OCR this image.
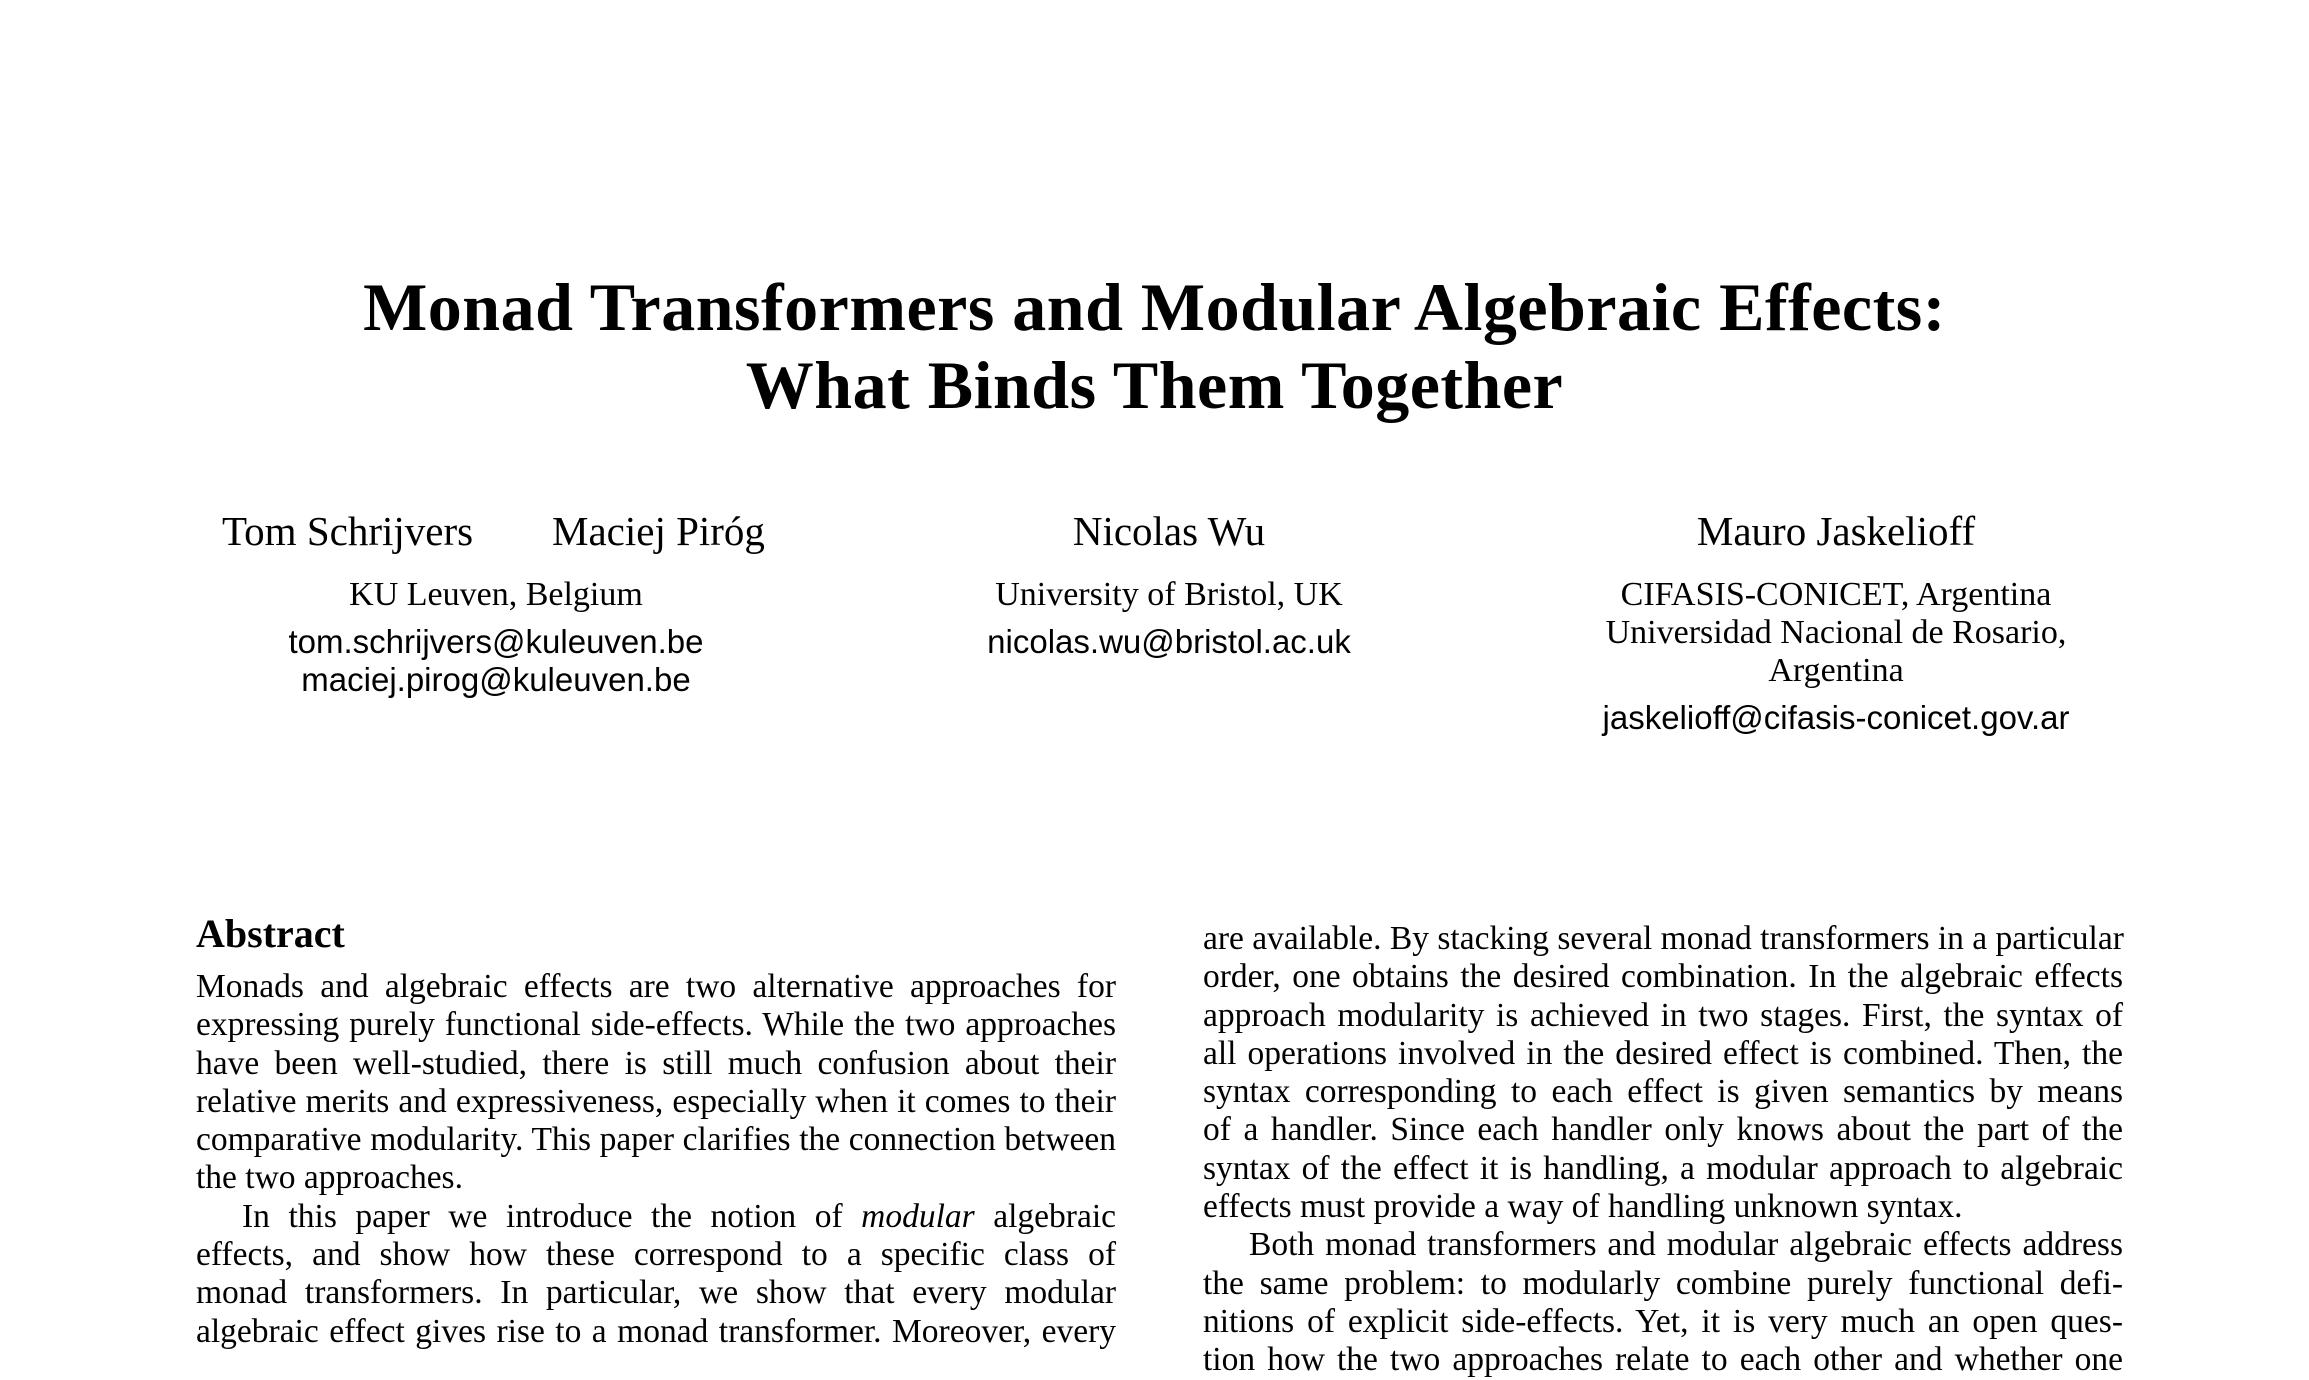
Monad Transformers and Modular Algebraic Effects:
What Binds Them Together
Tom Schrijvers Maciej Piróg
KU Leuven, Belgium
tom.schrijvers@kuleuven.be
maciej.pirog@kuleuven.be
Nicolas Wu
University of Bristol, UK
nicolas.wu@bristol.ac.uk
Mauro Jaskelioff
CIFASIS-CONICET, Argentina
Universidad Nacional de Rosario,
Argentina
jaskelioff@cifasis-conicet.gov.ar
Abstract

Monads and algebraic effects are two alternative approaches for
expressing purely functional side-effects. While the two approaches
have been well-studied, there is still much confusion about their
relative merits and expressiveness, especially when it comes to their
comparative modularity. This paper clarifies the connection between
the two approaches.

In this paper we introduce the notion of modular algebraic
effects, and show how these correspond to a specific class of
monad transformers. In particular, we show that every modular
algebraic effect gives rise to a monad transformer. Moreover, every

are available. By stacking several monad transformers in a particular
order, one obtains the desired combination. In the algebraic effects
approach modularity is achieved in two stages. First, the syntax of
all operations involved in the desired effect is combined. Then, the
syntax corresponding to each effect is given semantics by means
of a handler. Since each handler only knows about the part of the
syntax of the effect it is handling, a modular approach to algebraic
effects must provide a way of handling unknown syntax.

Both monad transformers and modular algebraic effects address
the same problem: to modularly combine purely functional defi-
nitions of explicit side-effects. Yet, it is very much an open ques-
tion how the two approaches relate to each other and whether one
